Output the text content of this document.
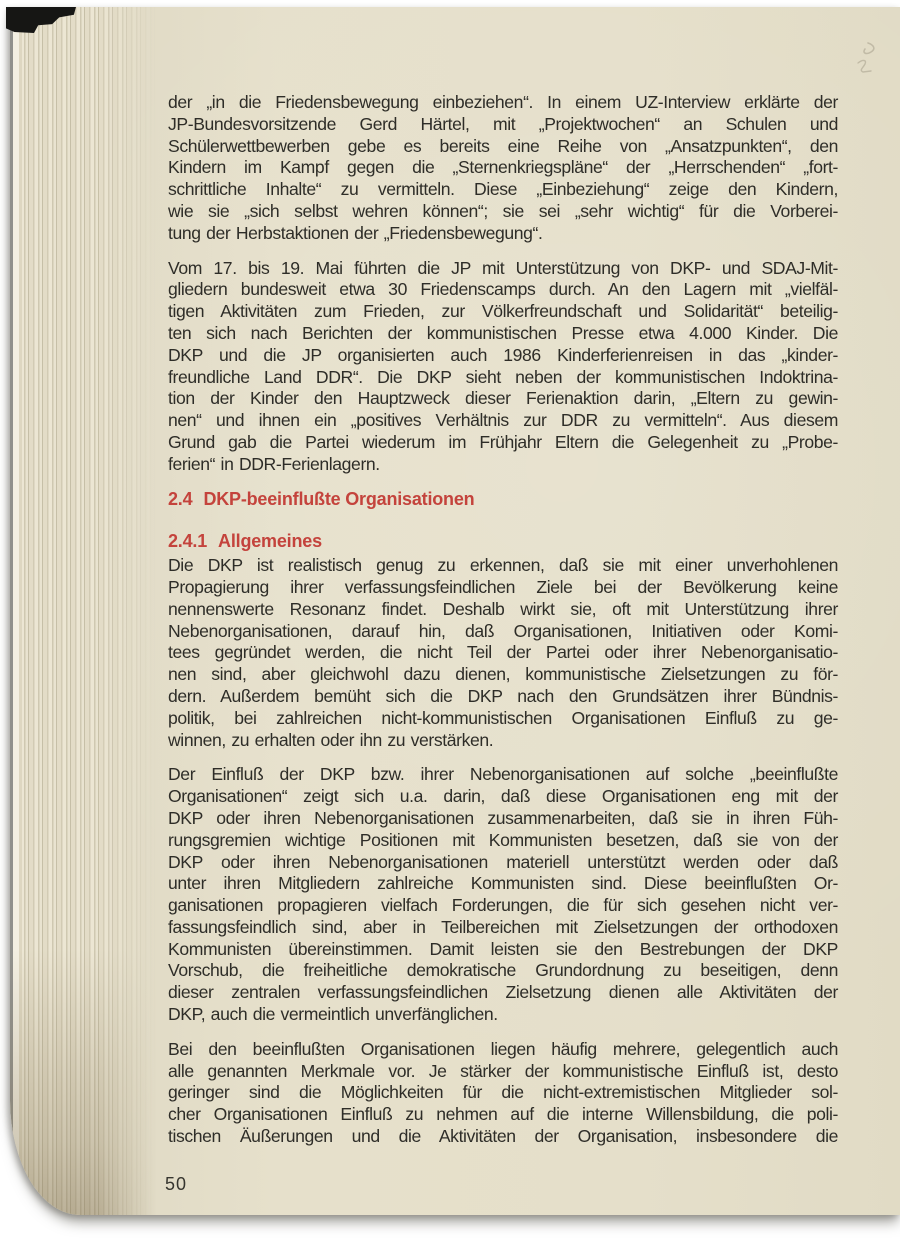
der „in die Friedensbewegung einbeziehen“. In einem UZ-Interview erklärte der
JP-Bundesvorsitzende Gerd Härtel, mit „Projektwochen“ an Schulen und
Schülerwettbewerben gebe es bereits eine Reihe von „Ansatzpunkten“, den
Kindern im Kampf gegen die „Sternenkriegspläne“ der „Herrschenden“ „fort-
schrittliche Inhalte“ zu vermitteln. Diese „Einbeziehung“ zeige den Kindern,
wie sie „sich selbst wehren können“; sie sei „sehr wichtig“ für die Vorberei-
tung der Herbstaktionen der „Friedensbewegung“.

Vom 17. bis 19. Mai führten die JP mit Unterstützung von DKP- und SDAJ-Mit-
gliedern bundesweit etwa 30 Friedenscamps durch. An den Lagern mit „vielfäl-
tigen Aktivitäten zum Frieden, zur Völkerfreundschaft und Solidarität“ beteilig-
ten sich nach Berichten der kommunistischen Presse etwa 4.000 Kinder. Die
DKP und die JP organisierten auch 1986 Kinderferienreisen in das „kinder-
freundliche Land DDR“. Die DKP sieht neben der kommunistischen Indoktrina-
tion der Kinder den Hauptzweck dieser Ferienaktion darin, „Eltern zu gewin-
nen“ und ihnen ein „positives Verhältnis zur DDR zu vermitteln“. Aus diesem
Grund gab die Partei wiederum im Frühjahr Eltern die Gelegenheit zu „Probe-
ferien“ in DDR-Ferienlagern.

2.4 DKP-beeinflußte Organisationen
2.4.1 Allgemeines

Die DKP ist realistisch genug zu erkennen, daß sie mit einer unverhohlenen
Propagierung ihrer verfassungsfeindlichen Ziele bei der Bevölkerung keine
nennenswerte Resonanz findet. Deshalb wirkt sie, oft mit Unterstützung ihrer
Nebenorganisationen, darauf hin, daß Organisationen, Initiativen oder Komi-
tees gegründet werden, die nicht Teil der Partei oder ihrer Nebenorganisatio-
nen sind, aber gleichwohl dazu dienen, kommunistische Zielsetzungen zu för-
dern. Außerdem bemüht sich die DKP nach den Grundsätzen ihrer Bündnis-
politik, bei zahlreichen nicht-kommunistischen Organisationen Einfluß zu ge-
winnen, zu erhalten oder ihn zu verstärken.

Der Einfluß der DKP bzw. ihrer Nebenorganisationen auf solche „beeinflußte
Organisationen“ zeigt sich u.a. darin, daß diese Organisationen eng mit der
DKP oder ihren Nebenorganisationen zusammenarbeiten, daß sie in ihren Füh-
rungsgremien wichtige Positionen mit Kommunisten besetzen, daß sie von der
DKP oder ihren Nebenorganisationen materiell unterstützt werden oder daß
unter ihren Mitgliedern zahlreiche Kommunisten sind. Diese beeinflußten Or-
ganisationen propagieren vielfach Forderungen, die für sich gesehen nicht ver-
fassungsfeindlich sind, aber in Teilbereichen mit Zielsetzungen der orthodoxen
Kommunisten übereinstimmen. Damit leisten sie den Bestrebungen der DKP
Vorschub, die freiheitliche demokratische Grundordnung zu beseitigen, denn
dieser zentralen verfassungsfeindlichen Zielsetzung dienen alle Aktivitäten der
DKP, auch die vermeintlich unverfänglichen.

Bei den beeinflußten Organisationen liegen häufig mehrere, gelegentlich auch
alle genannten Merkmale vor. Je stärker der kommunistische Einfluß ist, desto
geringer sind die Möglichkeiten für die nicht-extremistischen Mitglieder sol-
cher Organisationen Einfluß zu nehmen auf die interne Willensbildung, die poli-
tischen Äußerungen und die Aktivitäten der Organisation, insbesondere die

50
